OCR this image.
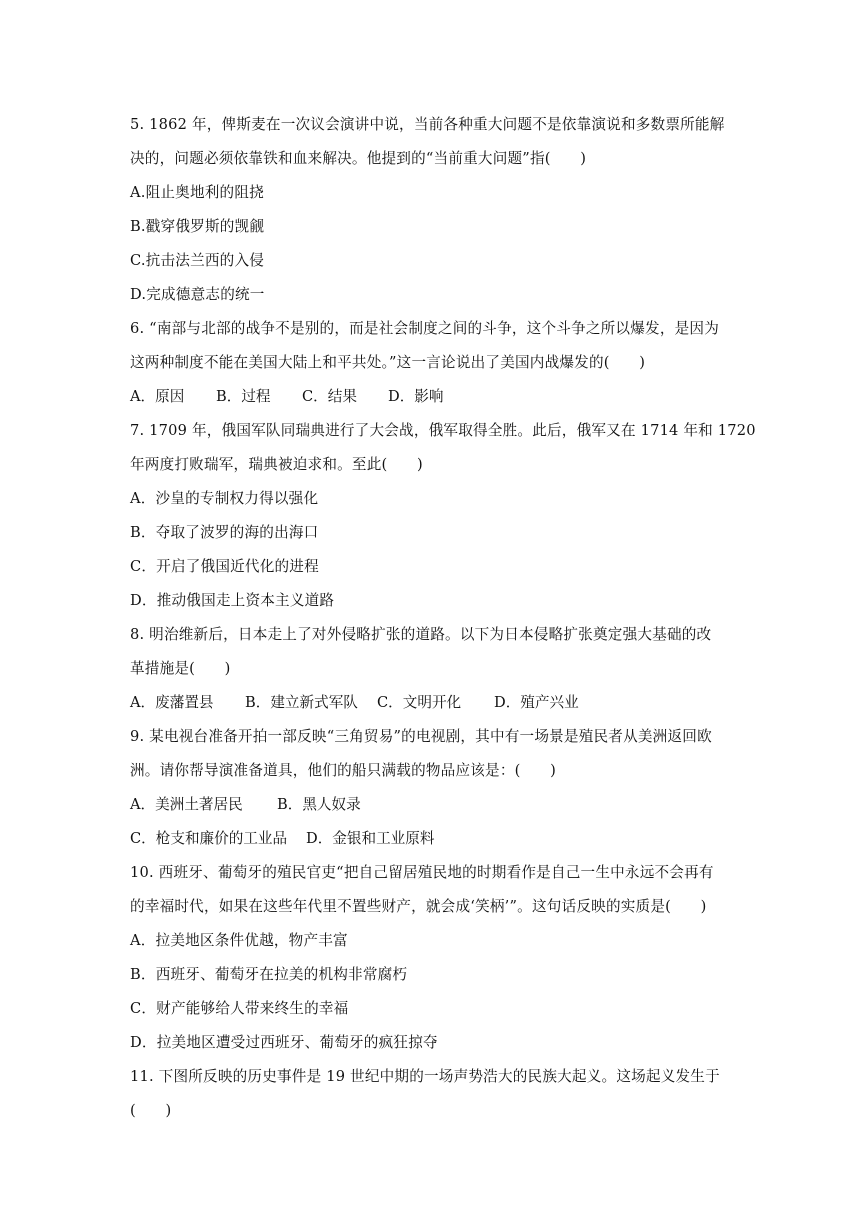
5. 1862 年，俾斯麦在一次议会演讲中说，当前各种重大问题不是依靠演说和多数票所能解
决的，问题必须依靠铁和血来解决。他提到的“当前重大问题”指(　　)
A.阻止奥地利的阻挠
B.戳穿俄罗斯的觊觎
C.抗击法兰西的入侵
D.完成德意志的统一
6. “南部与北部的战争不是别的，而是社会制度之间的斗争，这个斗争之所以爆发，是因为
这两种制度不能在美国大陆上和平共处。”这一言论说出了美国内战爆发的(　　)
A．原因	B．过程	C．结果	D．影响
7. 1709 年，俄国军队同瑞典进行了大会战，俄军取得全胜。此后，俄军又在 1714 年和 1720
年两度打败瑞军，瑞典被迫求和。至此(　　)
A．沙皇的专制权力得以强化
B．夺取了波罗的海的出海口
C．开启了俄国近代化的进程
D．推动俄国走上资本主义道路
8. 明治维新后，日本走上了对外侵略扩张的道路。以下为日本侵略扩张奠定强大基础的改
革措施是(　　)
A．废藩置县	B．建立新式军队	C．文明开化	D．殖产兴业
9. 某电视台准备开拍一部反映“三角贸易”的电视剧，其中有一场景是殖民者从美洲返回欧
洲。请你帮导演准备道具，他们的船只满载的物品应该是：(　　)
A．美洲土著居民	B．黑人奴录
C．枪支和廉价的工业品	D．金银和工业原料
10. 西班牙、葡萄牙的殖民官吏“把自己留居殖民地的时期看作是自己一生中永远不会再有
的幸福时代，如果在这些年代里不置些财产，就会成‘笑柄’”。这句话反映的实质是(　　)
A．拉美地区条件优越，物产丰富
B．西班牙、葡萄牙在拉美的机构非常腐朽
C．财产能够给人带来终生的幸福
D．拉美地区遭受过西班牙、葡萄牙的疯狂掠夺
11. 下图所反映的历史事件是 19 世纪中期的一场声势浩大的民族大起义。这场起义发生于
(　　)
